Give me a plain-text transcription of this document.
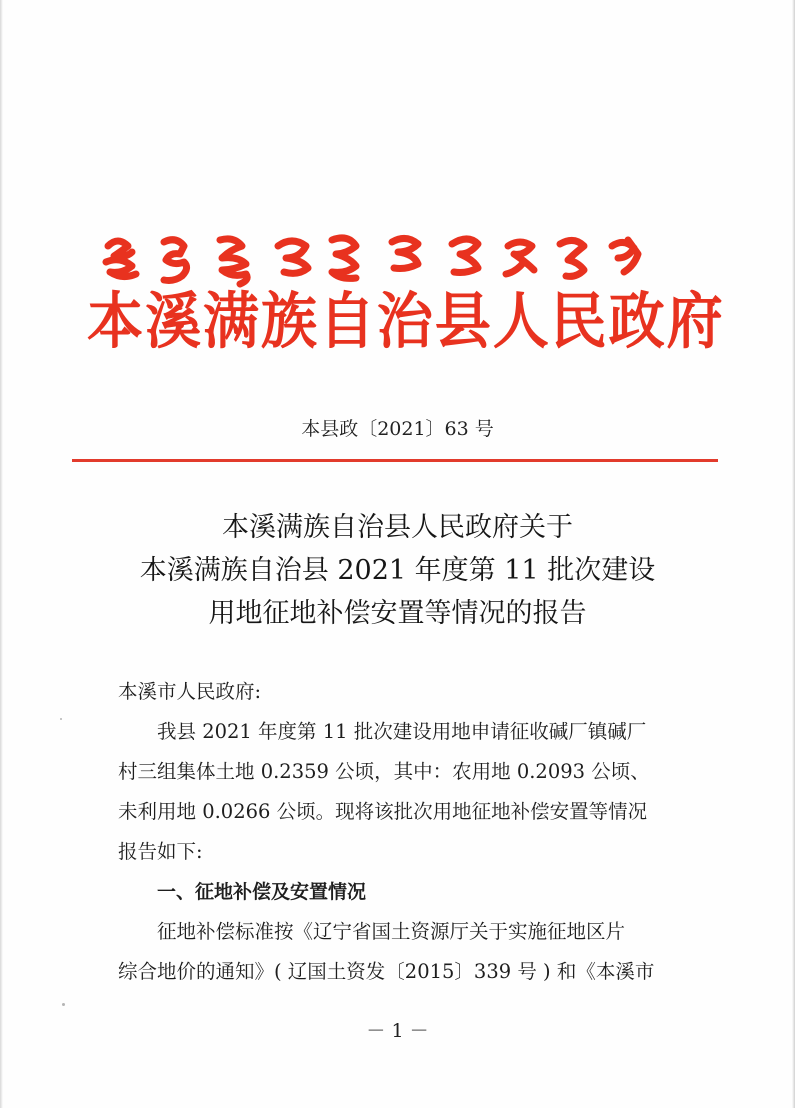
本溪满族自治县人民政府
本县政〔2021〕63 号
本溪满族自治县人民政府关于
本溪满族自治县 2021 年度第 11 批次建设
用地征地补偿安置等情况的报告
本溪市人民政府:

我县 2021 年度第 11 批次建设用地申请征收碱厂镇碱厂

村三组集体土地 0.2359 公顷，其中：农用地 0.2093 公顷、

未利用地 0.0266 公顷。现将该批次用地征地补偿安置等情况

报告如下:

一、征地补偿及安置情况

征地补偿标准按《辽宁省国土资源厅关于实施征地区片

综合地价的通知》( 辽国土资发〔2015〕339 号 ) 和《本溪市

－ 1 －
